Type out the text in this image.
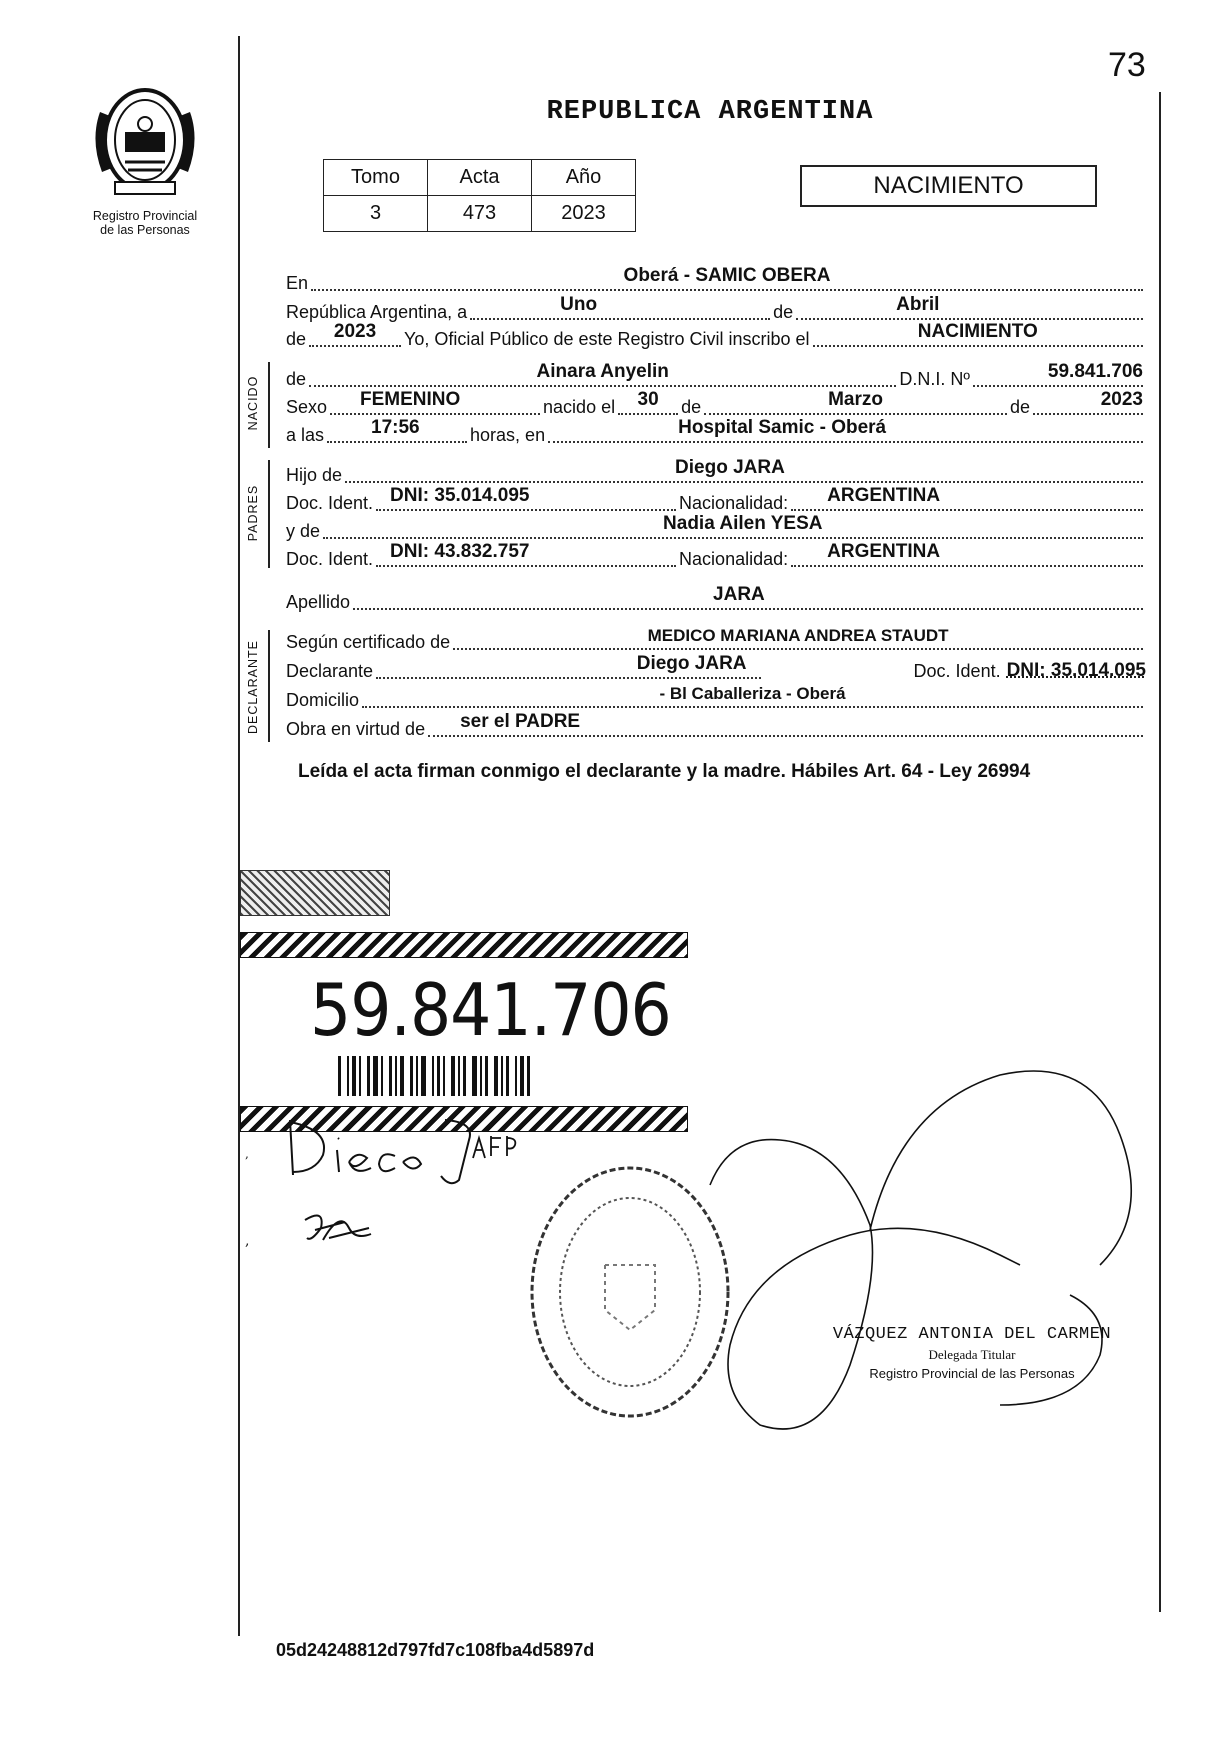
73
Registro Provincial
de las Personas
REPUBLICA ARGENTINA
Tomo	Acta	Año
3	473	2023
NACIMIENTO
En	Oberá - SAMIC OBERA
República Argentina, a	Uno	de	Abril
de	2023	Yo, Oficial Público de este Registro Civil inscribo el	NACIMIENTO
NACIDO de	Ainara Anyelin	D.N.I. Nº	59.841.706
Sexo FEMENINO	nacido el	30	de	Marzo	de	2023
a las 17:56	horas, en	Hospital Samic - Oberá
PADRES
Hijo de	Diego JARA
Doc. Ident. DNI: 35.014.095	Nacionalidad: ARGENTINA
y de	Nadia Ailen YESA
Doc. Ident. DNI: 43.832.757	Nacionalidad: ARGENTINA
Apellido	JARA
DECLARANTE Según certificado de	MEDICO MARIANA ANDREA STAUDT
Declarante	Diego JARA	Doc. Ident. DNI: 35.014.095
Domicilio	- Bl Caballeriza - Oberá
Obra en virtud de ser el PADRE
Leída el acta firman conmigo el declarante y la madre. Hábiles Art. 64 - Ley 26994
59.841.706
,
,
VÁZQUEZ ANTONIA DEL CARMEN
Delegada Titular
Registro Provincial de las Personas
05d24248812d797fd7c108fba4d5897d
